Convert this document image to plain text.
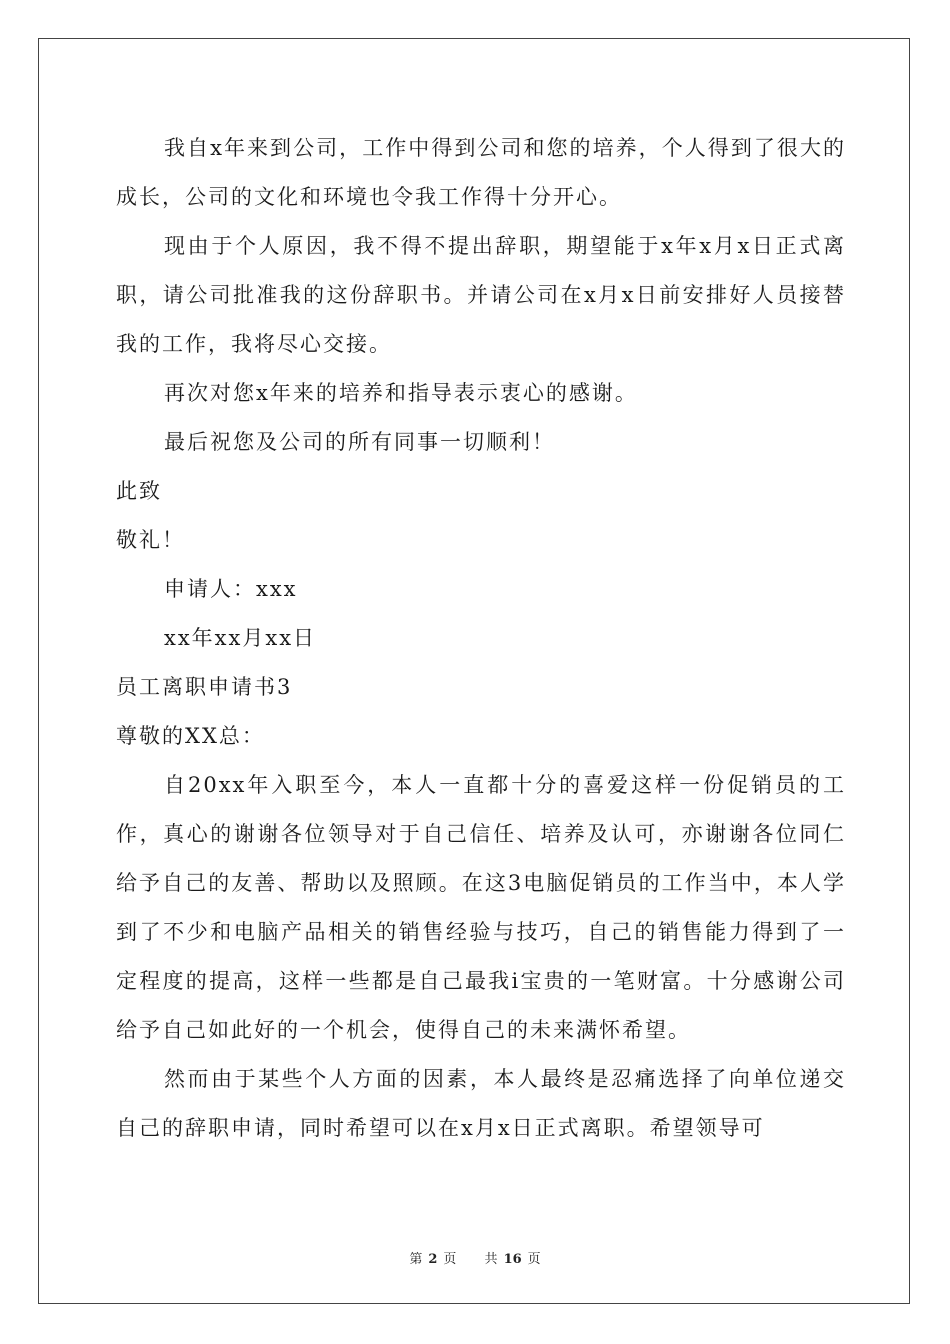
我自x年来到公司，工作中得到公司和您的培养，个人得到了很大的成长，公司的文化和环境也令我工作得十分开心。

现由于个人原因，我不得不提出辞职，期望能于x年x月x日正式离职，请公司批准我的这份辞职书。并请公司在x月x日前安排好人员接替我的工作，我将尽心交接。

再次对您x年来的培养和指导表示衷心的感谢。

最后祝您及公司的所有同事一切顺利！

此致

敬礼！

申请人：xxx

xx年xx月xx日

员工离职申请书3

尊敬的XX总：

自20xx年入职至今，本人一直都十分的喜爱这样一份促销员的工作，真心的谢谢各位领导对于自己信任、培养及认可，亦谢谢各位同仁给予自己的友善、帮助以及照顾。在这3电脑促销员的工作当中，本人学到了不少和电脑产品相关的销售经验与技巧，自己的销售能力得到了一定程度的提高，这样一些都是自己最我i宝贵的一笔财富。十分感谢公司给予自己如此好的一个机会，使得自己的未来满怀希望。

然而由于某些个人方面的因素，本人最终是忍痛选择了向单位递交自己的辞职申请，同时希望可以在x月x日正式离职。希望领导可

第 2 页 共 16 页
